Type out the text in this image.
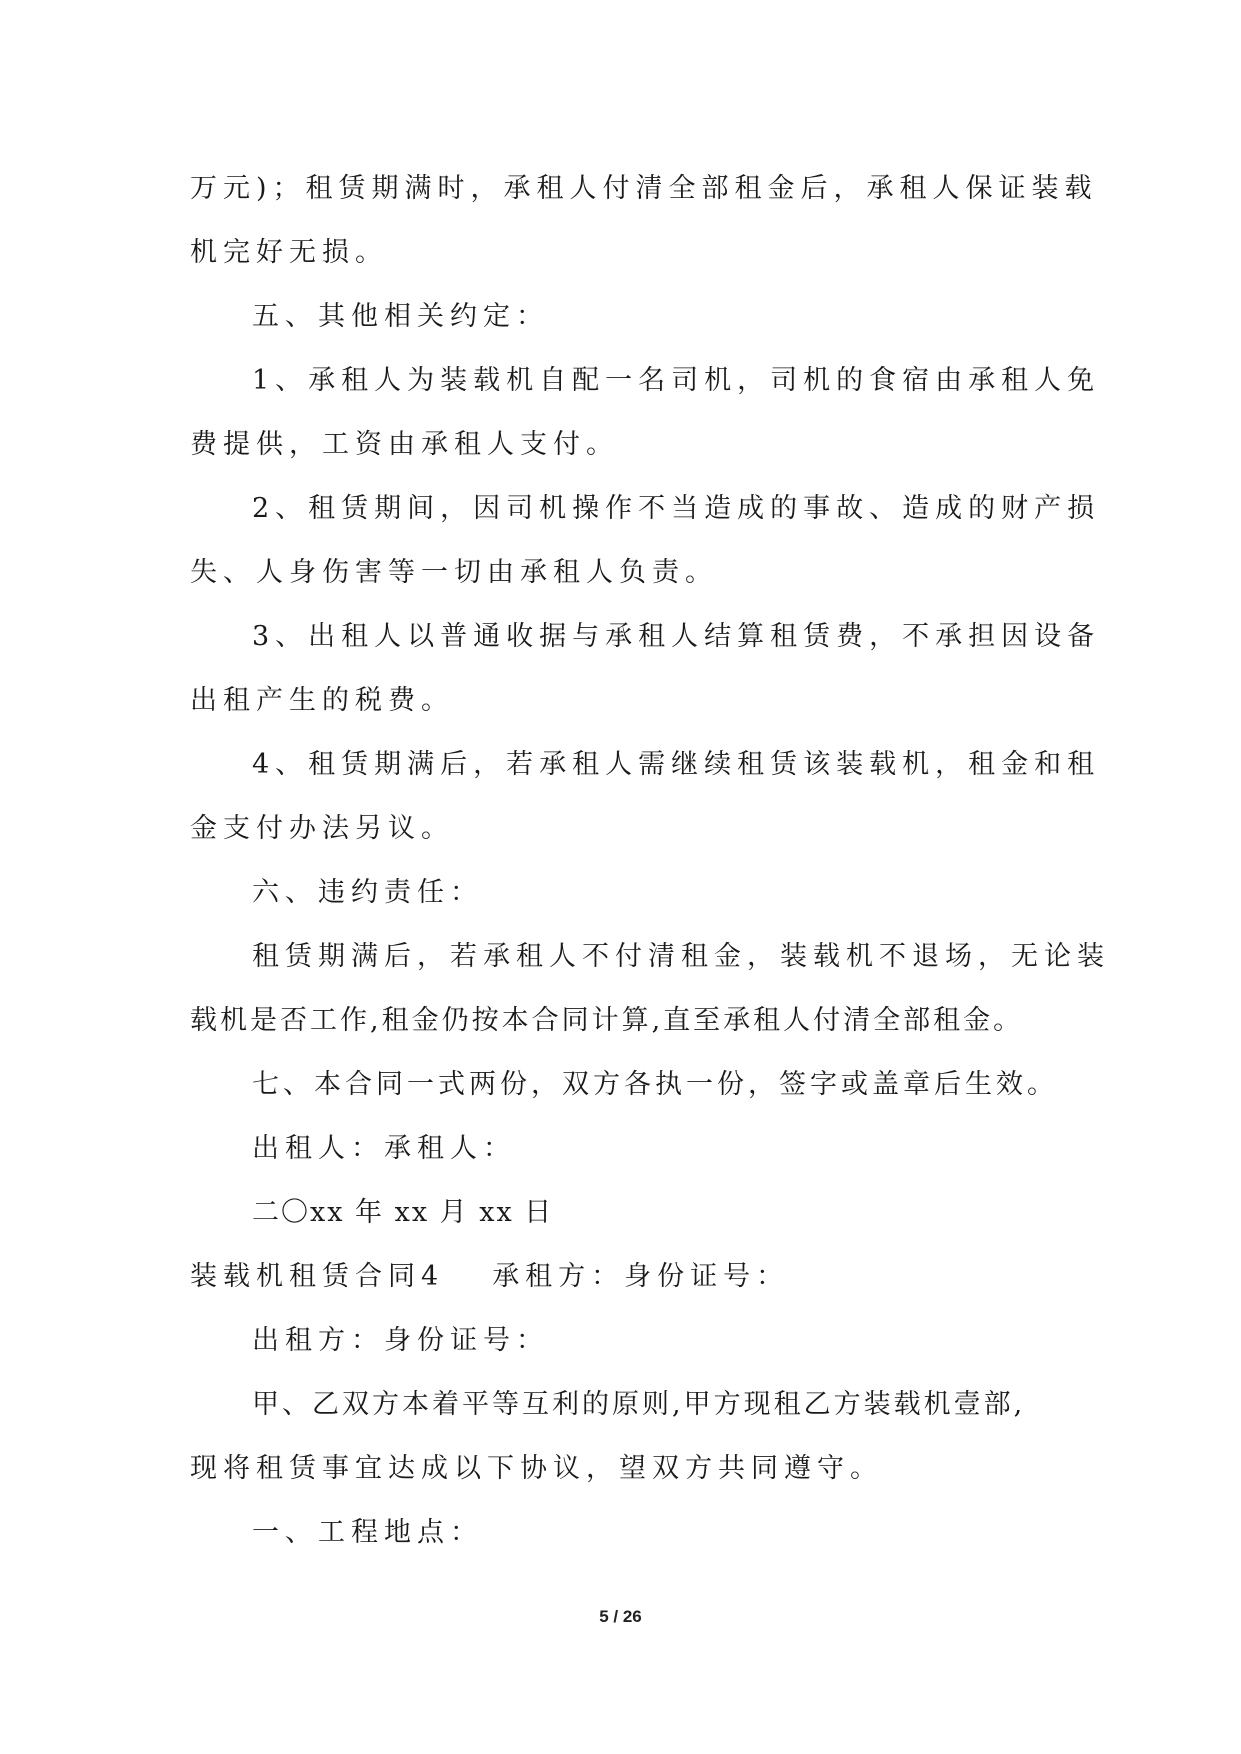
万元)；租赁期满时，承租人付清全部租金后，承租人保证装载
机完好无损。
五、其他相关约定：
1、承租人为装载机自配一名司机，司机的食宿由承租人免
费提供，工资由承租人支付。
2、租赁期间，因司机操作不当造成的事故、造成的财产损
失、人身伤害等一切由承租人负责。
3、出租人以普通收据与承租人结算租赁费，不承担因设备
出租产生的税费。
4、租赁期满后，若承租人需继续租赁该装载机，租金和租
金支付办法另议。
六、违约责任：
租赁期满后，若承租人不付清租金，装载机不退场，无论装
载机是否工作,租金仍按本合同计算,直至承租人付清全部租金。
七、本合同一式两份，双方各执一份，签字或盖章后生效。
出租人：承租人：
二〇xx 年 xx 月 xx 日
装载机租赁合同4 承租方：身份证号：
出租方：身份证号：
甲、乙双方本着平等互利的原则,甲方现租乙方装载机壹部,
现将租赁事宜达成以下协议，望双方共同遵守。
一、工程地点：
5 / 26
